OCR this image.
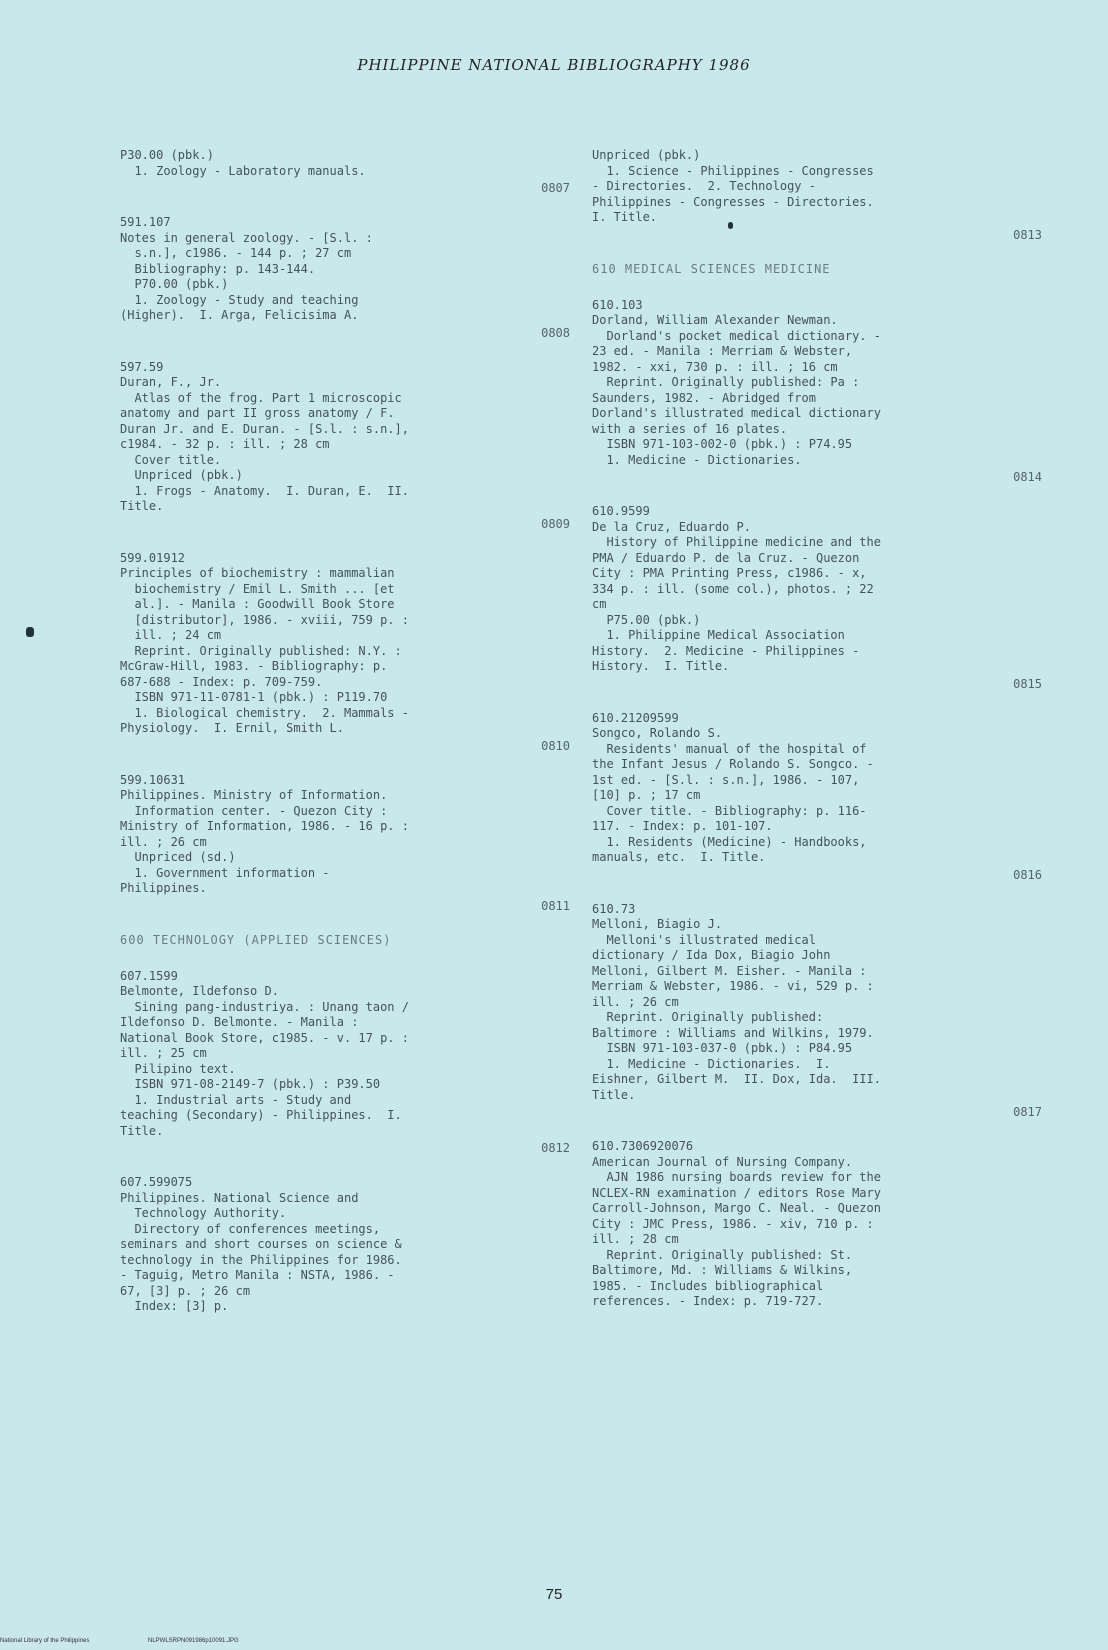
PHILIPPINE NATIONAL BIBLIOGRAPHY 1986
P30.00 (pbk.)
1. Zoology - Laboratory manuals.
0807
591.107
Notes in general zoology. - [S.l. :
s.n.], c1986. - 144 p. ; 27 cm
Bibliography: p. 143-144.
P70.00 (pbk.)
1. Zoology - Study and teaching
(Higher).  I. Arga, Felicisima A.
0808
597.59
Duran, F., Jr.
Atlas of the frog. Part 1 microscopic
anatomy and part II gross anatomy / F.
Duran Jr. and E. Duran. - [S.l. : s.n.],
c1984. - 32 p. : ill. ; 28 cm
Cover title.
Unpriced (pbk.)
1. Frogs - Anatomy.  I. Duran, E.  II.
Title.
0809
599.01912
Principles of biochemistry : mammalian
biochemistry / Emil L. Smith ... [et
al.]. - Manila : Goodwill Book Store
[distributor], 1986. - xviii, 759 p. :
ill. ; 24 cm
Reprint. Originally published: N.Y. :
McGraw-Hill, 1983. - Bibliography: p.
687-688 - Index: p. 709-759.
ISBN 971-11-0781-1 (pbk.) : P119.70
1. Biological chemistry.  2. Mammals -
Physiology.  I. Ernil, Smith L.
0810
599.10631
Philippines. Ministry of Information.
Information center. - Quezon City :
Ministry of Information, 1986. - 16 p. :
ill. ; 26 cm
Unpriced (sd.)
1. Government information -
Philippines.
0811
600 TECHNOLOGY (APPLIED SCIENCES)
607.1599
Belmonte, Ildefonso D.
Sining pang-industriya. : Unang taon /
Ildefonso D. Belmonte. - Manila :
National Book Store, c1985. - v. 17 p. :
ill. ; 25 cm
Pilipino text.
ISBN 971-08-2149-7 (pbk.) : P39.50
1. Industrial arts - Study and
teaching (Secondary) - Philippines.  I.
Title.
0812
607.599075
Philippines. National Science and
Technology Authority.
Directory of conferences meetings,
seminars and short courses on science &
technology in the Philippines for 1986.
- Taguig, Metro Manila : NSTA, 1986. -
67, [3] p. ; 26 cm
Index: [3] p.
Unpriced (pbk.)
1. Science - Philippines - Congresses
- Directories.  2. Technology -
Philippines - Congresses - Directories.
I. Title.
0813
610 MEDICAL SCIENCES MEDICINE
610.103
Dorland, William Alexander Newman.
Dorland's pocket medical dictionary. -
23 ed. - Manila : Merriam & Webster,
1982. - xxi, 730 p. : ill. ; 16 cm
Reprint. Originally published: Pa :
Saunders, 1982. - Abridged from
Dorland's illustrated medical dictionary
with a series of 16 plates.
ISBN 971-103-002-0 (pbk.) : P74.95
1. Medicine - Dictionaries.
0814
610.9599
De la Cruz, Eduardo P.
History of Philippine medicine and the
PMA / Eduardo P. de la Cruz. - Quezon
City : PMA Printing Press, c1986. - x,
334 p. : ill. (some col.), photos. ; 22
cm
P75.00 (pbk.)
1. Philippine Medical Association
History.  2. Medicine - Philippines -
History.  I. Title.
0815
610.21209599
Songco, Rolando S.
Residents' manual of the hospital of
the Infant Jesus / Rolando S. Songco. -
1st ed. - [S.l. : s.n.], 1986. - 107,
[10] p. ; 17 cm
Cover title. - Bibliography: p. 116-
117. - Index: p. 101-107.
1. Residents (Medicine) - Handbooks,
manuals, etc.  I. Title.
0816
610.73
Melloni, Biagio J.
Melloni's illustrated medical
dictionary / Ida Dox, Biagio John
Melloni, Gilbert M. Eisher. - Manila :
Merriam & Webster, 1986. - vi, 529 p. :
ill. ; 26 cm
Reprint. Originally published:
Baltimore : Williams and Wilkins, 1979.
ISBN 971-103-037-0 (pbk.) : P84.95
1. Medicine - Dictionaries.  I.
Eishner, Gilbert M.  II. Dox, Ida.  III.
Title.
0817
610.7306920076
American Journal of Nursing Company.
AJN 1986 nursing boards review for the
NCLEX-RN examination / editors Rose Mary
Carroll-Johnson, Margo C. Neal. - Quezon
City : JMC Press, 1986. - xiv, 710 p. :
ill. ; 28 cm
Reprint. Originally published: St.
Baltimore, Md. : Williams & Wilkins,
1985. - Includes bibliographical
references. - Index: p. 719-727.
75
National Library of the Philippines	NLPWLSRPN091986p10091.JPG
